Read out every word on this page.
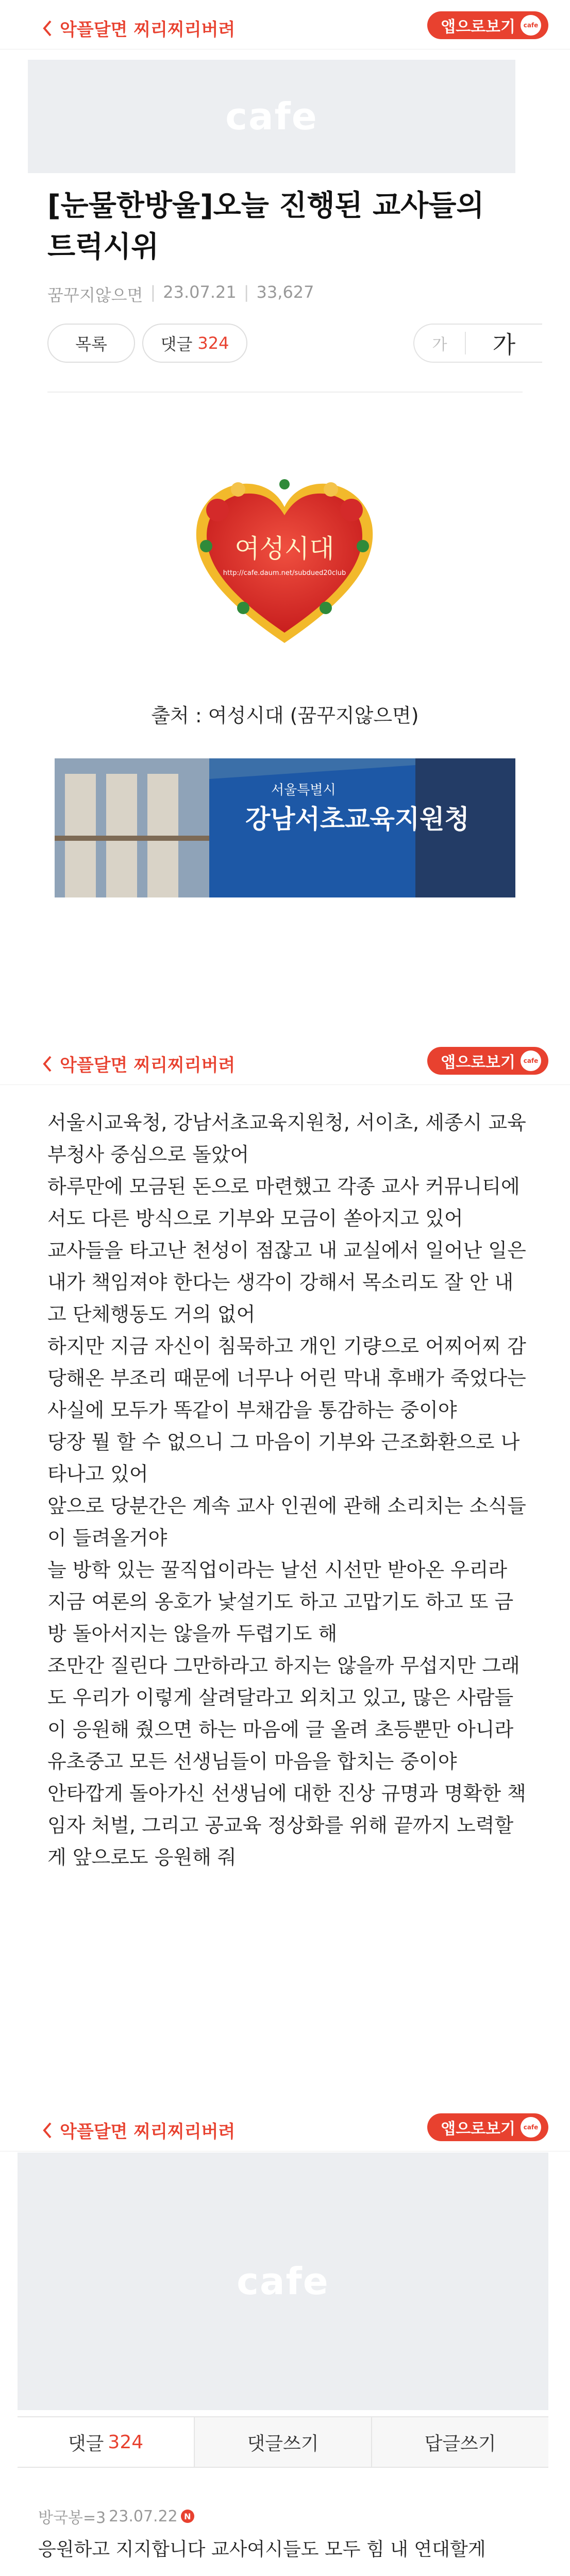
악플달면 찌리찌리버려	앱으로보기	cafe
cafe
[눈물한방울]오늘 진행된 교사들의 트럭시위
꿈꾸지않으면 | 23.07.21 | 33,627
목록	댓글 324	가	가
여성시대
http://cafe.daum.net/subdued20club
출처 : 여성시대 (꿈꾸지않으면)
서울특별시
강남서초교육지원청
악플달면 찌리찌리버려	앱으로보기	cafe

서울시교육청, 강남서초교육지원청, 서이초, 세종시 교육부청사 중심으로 돌았어

하루만에 모금된 돈으로 마련했고 각종 교사 커뮤니티에서도 다른 방식으로 기부와 모금이 쏟아지고 있어

교사들을 타고난 천성이 점잖고 내 교실에서 일어난 일은 내가 책임져야 한다는 생각이 강해서 목소리도 잘 안 내고 단체행동도 거의 없어

하지만 지금 자신이 침묵하고 개인 기량으로 어찌어찌 감당해온 부조리 때문에 너무나 어린 막내 후배가 죽었다는 사실에 모두가 똑같이 부채감을 통감하는 중이야

당장 뭘 할 수 없으니 그 마음이 기부와 근조화환으로 나타나고 있어

앞으로 당분간은 계속 교사 인권에 관해 소리치는 소식들이 들려올거야

늘 방학 있는 꿀직업이라는 날선 시선만 받아온 우리라 지금 여론의 옹호가 낯설기도 하고 고맙기도 하고 또 금방 돌아서지는 않을까 두렵기도 해

조만간 질린다 그만하라고 하지는 않을까 무섭지만 그래도 우리가 이렇게 살려달라고 외치고 있고, 많은 사람들이 응원해 줬으면 하는 마음에 글 올려 초등뿐만 아니라 유초중고 모든 선생님들이 마음을 합치는 중이야

안타깝게 돌아가신 선생님에 대한 진상 규명과 명확한 책임자 처벌, 그리고 공교육 정상화를 위해 끝까지 노력할게 앞으로도 응원해 줘

악플달면 찌리찌리버려	앱으로보기	cafe
cafe
댓글 324	댓글쓰기	답글쓰기
방국봉=3 23.07.22 N
응원하고 지지합니다 교사여시들도 모두 힘 내 연대할게
